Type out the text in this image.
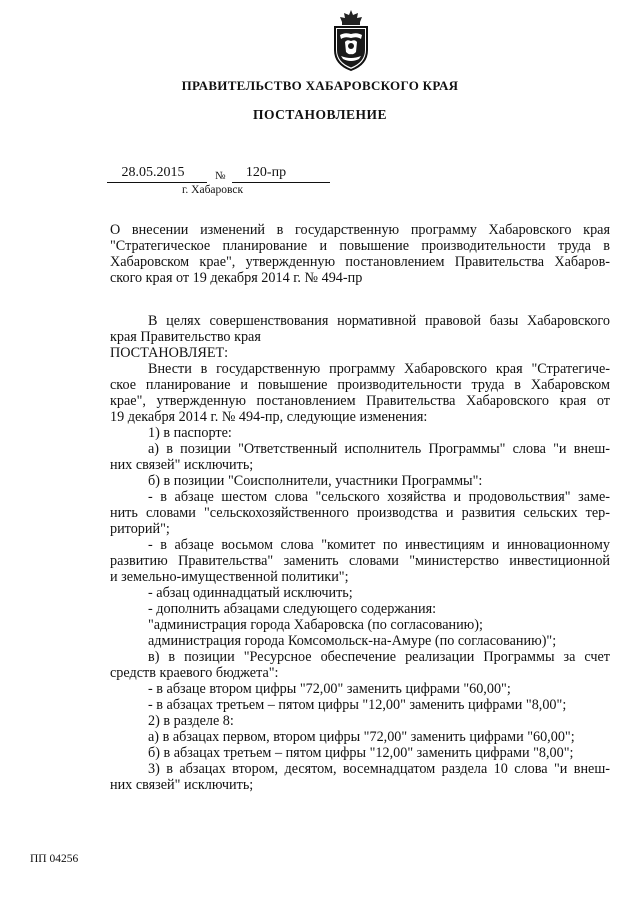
ПРАВИТЕЛЬСТВО ХАБАРОВСКОГО КРАЯ
ПОСТАНОВЛЕНИЕ
28.05.2015	№	120-пр
г. Хабаровск

О внесении изменений в государственную программу Хабаровского края
"Стратегическое планирование и повышение производительности труда в
Хабаровском крае", утвержденную постановлением Правительства Хабаров-
ского края от 19 декабря 2014 г. № 494-пр

В целях совершенствования нормативной правовой базы Хабаровского
края Правительство края
ПОСТАНОВЛЯЕТ:
Внести в государственную программу Хабаровского края "Стратегиче-
ское планирование и повышение производительности труда в Хабаровском
крае", утвержденную постановлением Правительства Хабаровского края от
19 декабря 2014 г. № 494-пр, следующие изменения:
1) в паспорте:
а) в позиции "Ответственный исполнитель Программы" слова "и внеш-
них связей" исключить;
б) в позиции "Соисполнители, участники Программы":
- в абзаце шестом слова "сельского хозяйства и продовольствия" заме-
нить словами "сельскохозяйственного производства и развития сельских тер-
риторий";
- в абзаце восьмом слова "комитет по инвестициям и инновационному
развитию Правительства" заменить словами "министерство инвестиционной
и земельно-имущественной политики";
- абзац одиннадцатый исключить;
- дополнить абзацами следующего содержания:
"администрация города Хабаровска (по согласованию);
администрация города Комсомольск-на-Амуре (по согласованию)";
в) в позиции "Ресурсное обеспечение реализации Программы за счет
средств краевого бюджета":
- в абзаце втором цифры "72,00" заменить цифрами "60,00";
- в абзацах третьем – пятом цифры "12,00" заменить цифрами "8,00";
2) в разделе 8:
а) в абзацах первом, втором цифры "72,00" заменить цифрами "60,00";
б) в абзацах третьем – пятом цифры "12,00" заменить цифрами "8,00";
3) в абзацах втором, десятом, восемнадцатом раздела 10 слова "и внеш-
них связей" исключить;

ПП 04256
